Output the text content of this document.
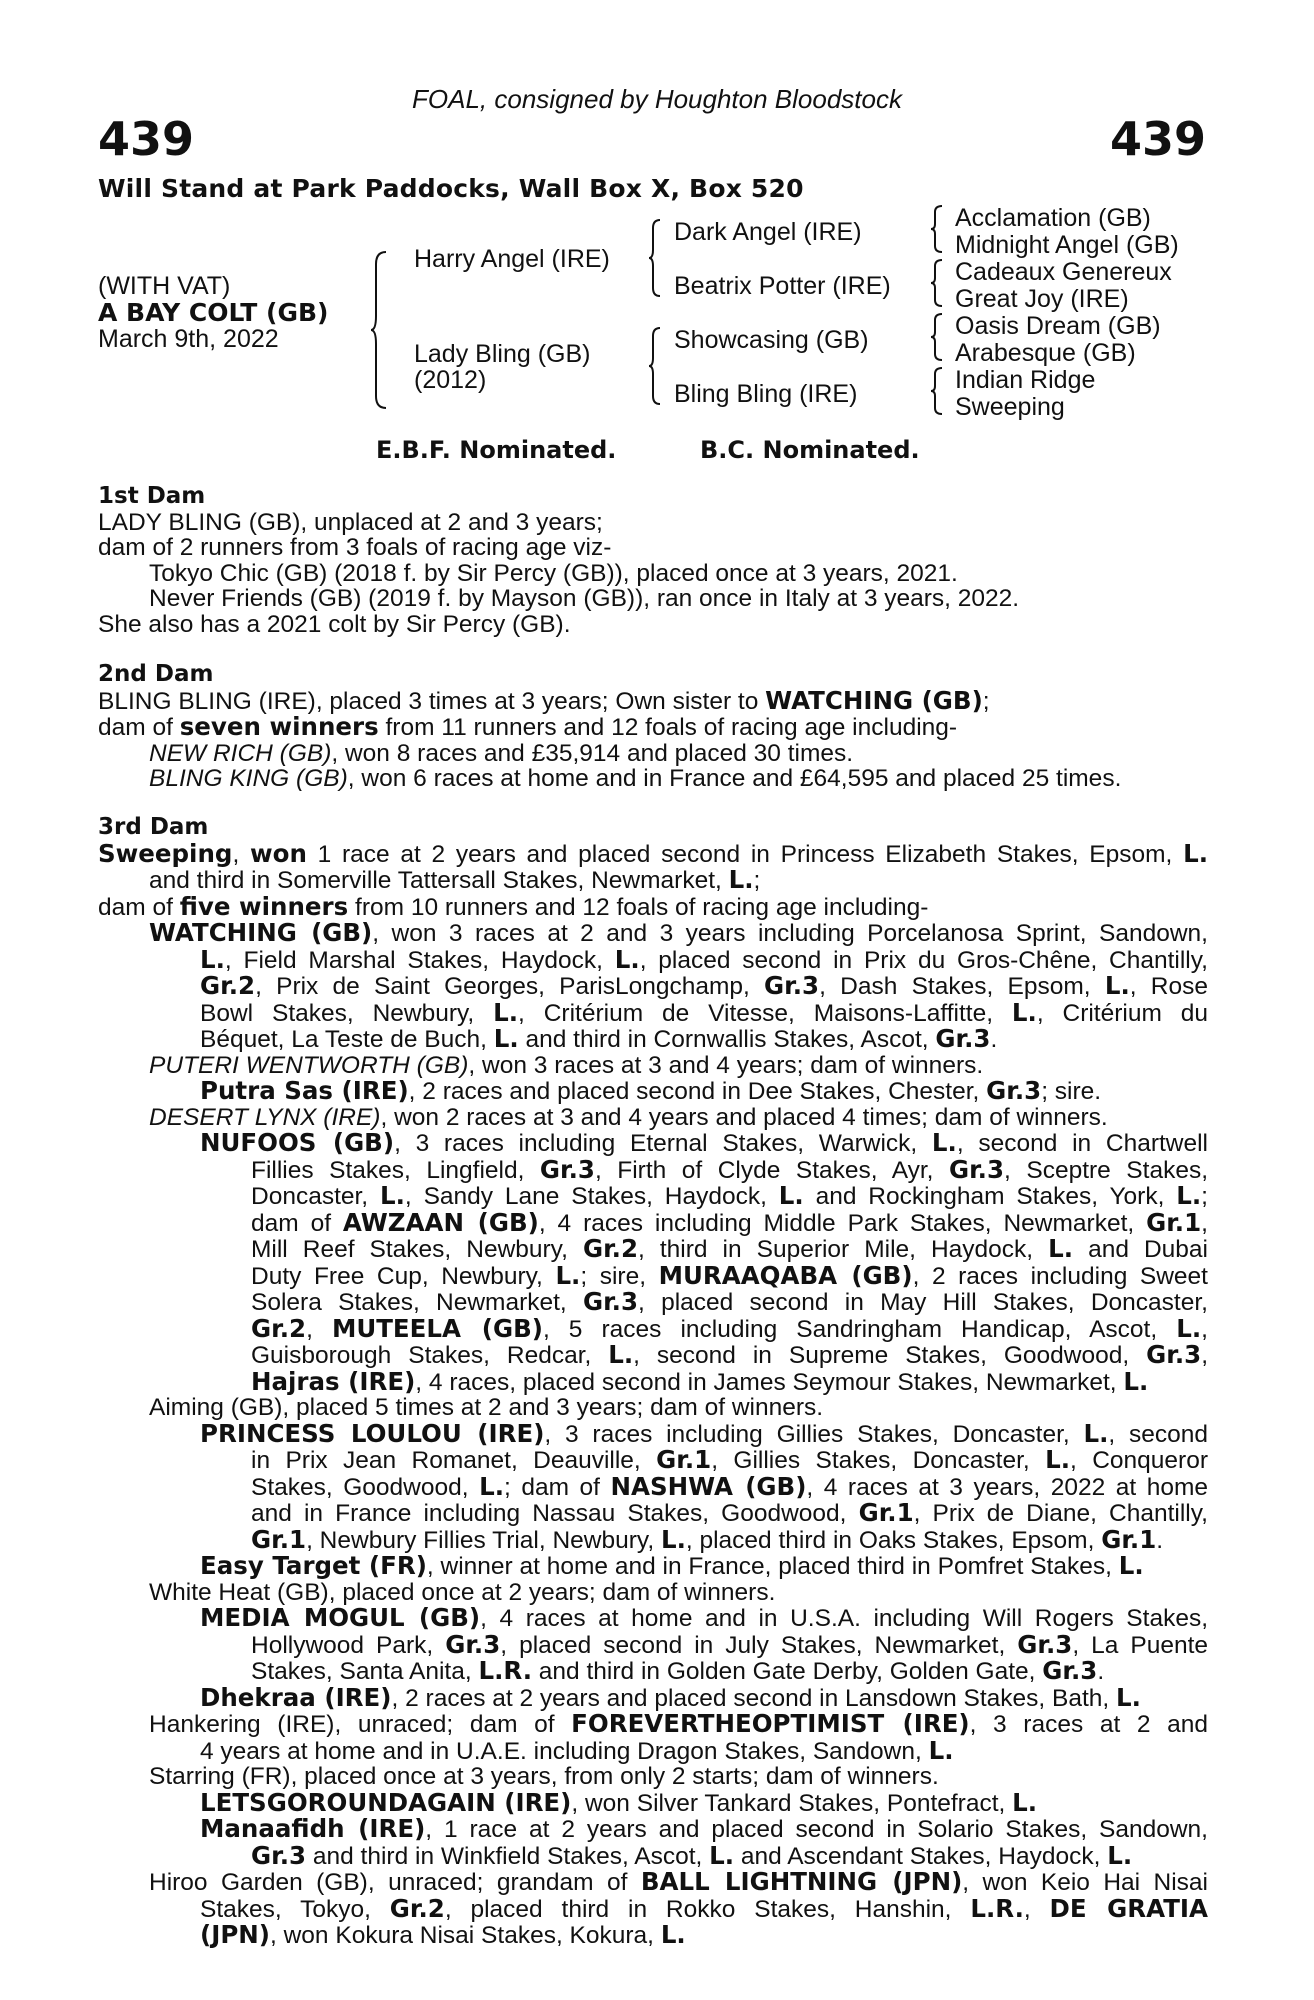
FOAL, consigned by Houghton Bloodstock
439	439
Will Stand at Park Paddocks, Wall Box X, Box 520
(WITH VAT)
A BAY COLT (GB)
March 9th, 2022
Harry Angel (IRE)
Lady Bling (GB)
(2012)
Dark Angel (IRE)
Beatrix Potter (IRE)
Showcasing (GB)
Bling Bling (IRE)
Acclamation (GB)
Midnight Angel (GB)
Cadeaux Genereux
Great Joy (IRE)
Oasis Dream (GB)
Arabesque (GB)
Indian Ridge
Sweeping
E.B.F. Nominated.	B.C. Nominated.
1st Dam
LADY BLING (GB), unplaced at 2 and 3 years;
dam of 2 runners from 3 foals of racing age viz-
Tokyo Chic (GB) (2018 f. by Sir Percy (GB)), placed once at 3 years, 2021.
Never Friends (GB) (2019 f. by Mayson (GB)), ran once in Italy at 3 years, 2022.
She also has a 2021 colt by Sir Percy (GB).
2nd Dam
BLING BLING (IRE), placed 3 times at 3 years; Own sister to WATCHING (GB);
dam of seven winners from 11 runners and 12 foals of racing age including-
NEW RICH (GB), won 8 races and £35,914 and placed 30 times.
BLING KING (GB), won 6 races at home and in France and £64,595 and placed 25 times.
3rd Dam
Sweeping, won 1 race at 2 years and placed second in Princess Elizabeth Stakes, Epsom, L.
and third in Somerville Tattersall Stakes, Newmarket, L.;
dam of five winners from 10 runners and 12 foals of racing age including-
WATCHING (GB), won 3 races at 2 and 3 years including Porcelanosa Sprint, Sandown,
L., Field Marshal Stakes, Haydock, L., placed second in Prix du Gros-Chêne, Chantilly,
Gr.2, Prix de Saint Georges, ParisLongchamp, Gr.3, Dash Stakes, Epsom, L., Rose
Bowl Stakes, Newbury, L., Critérium de Vitesse, Maisons-Laffitte, L., Critérium du
Béquet, La Teste de Buch, L. and third in Cornwallis Stakes, Ascot, Gr.3.
PUTERI WENTWORTH (GB), won 3 races at 3 and 4 years; dam of winners.
Putra Sas (IRE), 2 races and placed second in Dee Stakes, Chester, Gr.3; sire.
DESERT LYNX (IRE), won 2 races at 3 and 4 years and placed 4 times; dam of winners.
NUFOOS (GB), 3 races including Eternal Stakes, Warwick, L., second in Chartwell
Fillies Stakes, Lingfield, Gr.3, Firth of Clyde Stakes, Ayr, Gr.3, Sceptre Stakes,
Doncaster, L., Sandy Lane Stakes, Haydock, L. and Rockingham Stakes, York, L.;
dam of AWZAAN (GB), 4 races including Middle Park Stakes, Newmarket, Gr.1,
Mill Reef Stakes, Newbury, Gr.2, third in Superior Mile, Haydock, L. and Dubai
Duty Free Cup, Newbury, L.; sire, MURAAQABA (GB), 2 races including Sweet
Solera Stakes, Newmarket, Gr.3, placed second in May Hill Stakes, Doncaster,
Gr.2, MUTEELA (GB), 5 races including Sandringham Handicap, Ascot, L.,
Guisborough Stakes, Redcar, L., second in Supreme Stakes, Goodwood, Gr.3,
Hajras (IRE), 4 races, placed second in James Seymour Stakes, Newmarket, L.
Aiming (GB), placed 5 times at 2 and 3 years; dam of winners.
PRINCESS LOULOU (IRE), 3 races including Gillies Stakes, Doncaster, L., second
in Prix Jean Romanet, Deauville, Gr.1, Gillies Stakes, Doncaster, L., Conqueror
Stakes, Goodwood, L.; dam of NASHWA (GB), 4 races at 3 years, 2022 at home
and in France including Nassau Stakes, Goodwood, Gr.1, Prix de Diane, Chantilly,
Gr.1, Newbury Fillies Trial, Newbury, L., placed third in Oaks Stakes, Epsom, Gr.1.
Easy Target (FR), winner at home and in France, placed third in Pomfret Stakes, L.
White Heat (GB), placed once at 2 years; dam of winners.
MEDIA MOGUL (GB), 4 races at home and in U.S.A. including Will Rogers Stakes,
Hollywood Park, Gr.3, placed second in July Stakes, Newmarket, Gr.3, La Puente
Stakes, Santa Anita, L.R. and third in Golden Gate Derby, Golden Gate, Gr.3.
Dhekraa (IRE), 2 races at 2 years and placed second in Lansdown Stakes, Bath, L.
Hankering (IRE), unraced; dam of FOREVERTHEOPTIMIST (IRE), 3 races at 2 and
4 years at home and in U.A.E. including Dragon Stakes, Sandown, L.
Starring (FR), placed once at 3 years, from only 2 starts; dam of winners.
LETSGOROUNDAGAIN (IRE), won Silver Tankard Stakes, Pontefract, L.
Manaafidh (IRE), 1 race at 2 years and placed second in Solario Stakes, Sandown,
Gr.3 and third in Winkfield Stakes, Ascot, L. and Ascendant Stakes, Haydock, L.
Hiroo Garden (GB), unraced; grandam of BALL LIGHTNING (JPN), won Keio Hai Nisai
Stakes, Tokyo, Gr.2, placed third in Rokko Stakes, Hanshin, L.R., DE GRATIA
(JPN), won Kokura Nisai Stakes, Kokura, L.
